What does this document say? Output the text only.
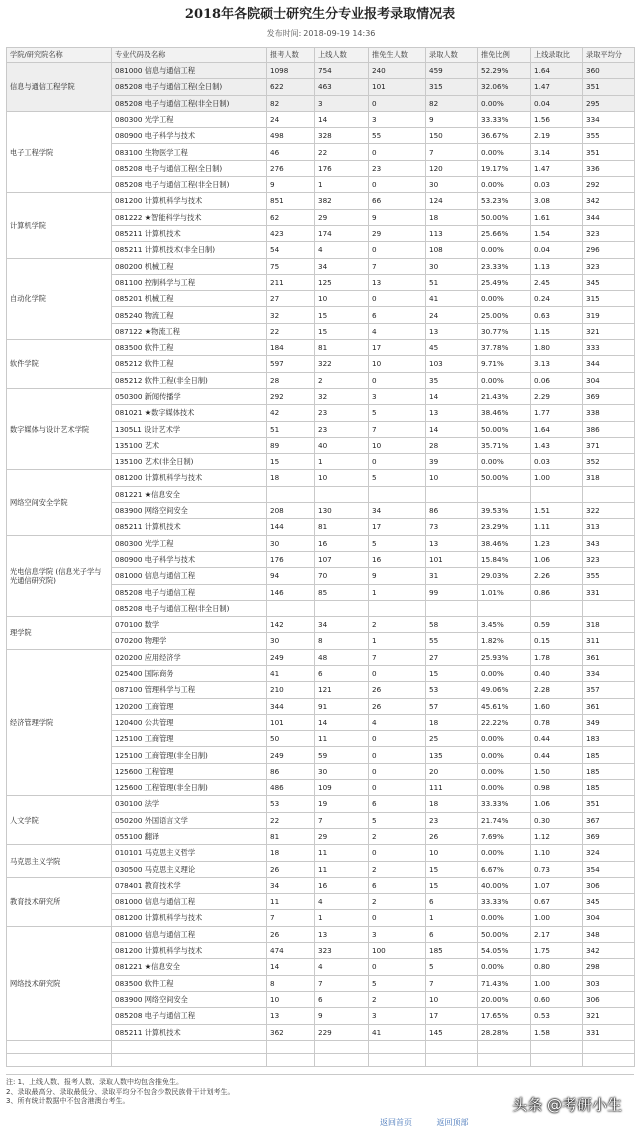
2018年各院硕士研究生分专业报考录取情况表
发布时间: 2018-09-19 14:36
学院/研究院名称	专业代码及名称	报考人数	上线人数	推免生人数	录取人数	推免比例	上线录取比	录取平均分
信息与通信工程学院	081000 信息与通信工程	1098	754	240	459	52.29%	1.64	360
	085208 电子与通信工程(全日制)	622	463	101	315	32.06%	1.47	351
	085208 电子与通信工程(非全日制)	82	3	0	82	0.00%	0.04	295
电子工程学院	080300 光学工程	24	14	3	9	33.33%	1.56	334
	080900 电子科学与技术	498	328	55	150	36.67%	2.19	355
	083100 生物医学工程	46	22	0	7	0.00%	3.14	351
	085208 电子与通信工程(全日制)	276	176	23	120	19.17%	1.47	336
	085208 电子与通信工程(非全日制)	9	1	0	30	0.00%	0.03	292
计算机学院	081200 计算机科学与技术	851	382	66	124	53.23%	3.08	342
	081222 ★智能科学与技术	62	29	9	18	50.00%	1.61	344
	085211 计算机技术	423	174	29	113	25.66%	1.54	323
	085211 计算机技术(非全日制)	54	4	0	108	0.00%	0.04	296
自动化学院	080200 机械工程	75	34	7	30	23.33%	1.13	323
	081100 控制科学与工程	211	125	13	51	25.49%	2.45	345
	085201 机械工程	27	10	0	41	0.00%	0.24	315
	085240 物流工程	32	15	6	24	25.00%	0.63	319
	087122 ★物流工程	22	15	4	13	30.77%	1.15	321
软件学院	083500 软件工程	184	81	17	45	37.78%	1.80	333
	085212 软件工程	597	322	10	103	9.71%	3.13	344
	085212 软件工程(非全日制)	28	2	0	35	0.00%	0.06	304
数字媒体与设计艺术学院	050300 新闻传播学	292	32	3	14	21.43%	2.29	369
	081021 ★数字媒体技术	42	23	5	13	38.46%	1.77	338
	1305L1 设计艺术学	51	23	7	14	50.00%	1.64	386
	135100 艺术	89	40	10	28	35.71%	1.43	371
	135100 艺术(非全日制)	15	1	0	39	0.00%	0.03	352
网络空间安全学院	081200 计算机科学与技术	18	10	5	10	50.00%	1.00	318
	081221 ★信息安全							
	083900 网络空间安全	208	130	34	86	39.53%	1.51	322
	085211 计算机技术	144	81	17	73	23.29%	1.11	313
光电信息学院 (信息光子学与光通信研究院)	080300 光学工程	30	16	5	13	38.46%	1.23	343
	080900 电子科学与技术	176	107	16	101	15.84%	1.06	323
	081000 信息与通信工程	94	70	9	31	29.03%	2.26	355
	085208 电子与通信工程	146	85	1	99	1.01%	0.86	331
	085208 电子与通信工程(非全日制)							
理学院	070100 数学	142	34	2	58	3.45%	0.59	318
	070200 物理学	30	8	1	55	1.82%	0.15	311
经济管理学院	020200 应用经济学	249	48	7	27	25.93%	1.78	361
	025400 国际商务	41	6	0	15	0.00%	0.40	334
	087100 管理科学与工程	210	121	26	53	49.06%	2.28	357
	120200 工商管理	344	91	26	57	45.61%	1.60	361
	120400 公共管理	101	14	4	18	22.22%	0.78	349
	125100 工商管理	50	11	0	25	0.00%	0.44	183
	125100 工商管理(非全日制)	249	59	0	135	0.00%	0.44	185
	125600 工程管理	86	30	0	20	0.00%	1.50	185
	125600 工程管理(非全日制)	486	109	0	111	0.00%	0.98	185
人文学院	030100 法学	53	19	6	18	33.33%	1.06	351
	050200 外国语言文学	22	7	5	23	21.74%	0.30	367
	055100 翻译	81	29	2	26	7.69%	1.12	369
马克思主义学院	010101 马克思主义哲学	18	11	0	10	0.00%	1.10	324
	030500 马克思主义理论	26	11	2	15	6.67%	0.73	354
教育技术研究所	078401 教育技术学	34	16	6	15	40.00%	1.07	306
	081000 信息与通信工程	11	4	2	6	33.33%	0.67	345
	081200 计算机科学与技术	7	1	0	1	0.00%	1.00	304
网络技术研究院	081000 信息与通信工程	26	13	3	6	50.00%	2.17	348
	081200 计算机科学与技术	474	323	100	185	54.05%	1.75	342
	081221 ★信息安全	14	4	0	5	0.00%	0.80	298
	083500 软件工程	8	7	5	7	71.43%	1.00	303
	083900 网络空间安全	10	6	2	10	20.00%	0.60	306
	085208 电子与通信工程	13	9	3	17	17.65%	0.53	321
	085211 计算机技术	362	229	41	145	28.28%	1.58	331

注: 1、上线人数、报考人数、录取人数中均包含推免生。
2、录取最高分、录取最低分、录取平均分不包含少数民族骨干计划考生。
3、所有统计数据中不包含港澳台考生。	头条 @考研小生
返回首页	返回顶部
